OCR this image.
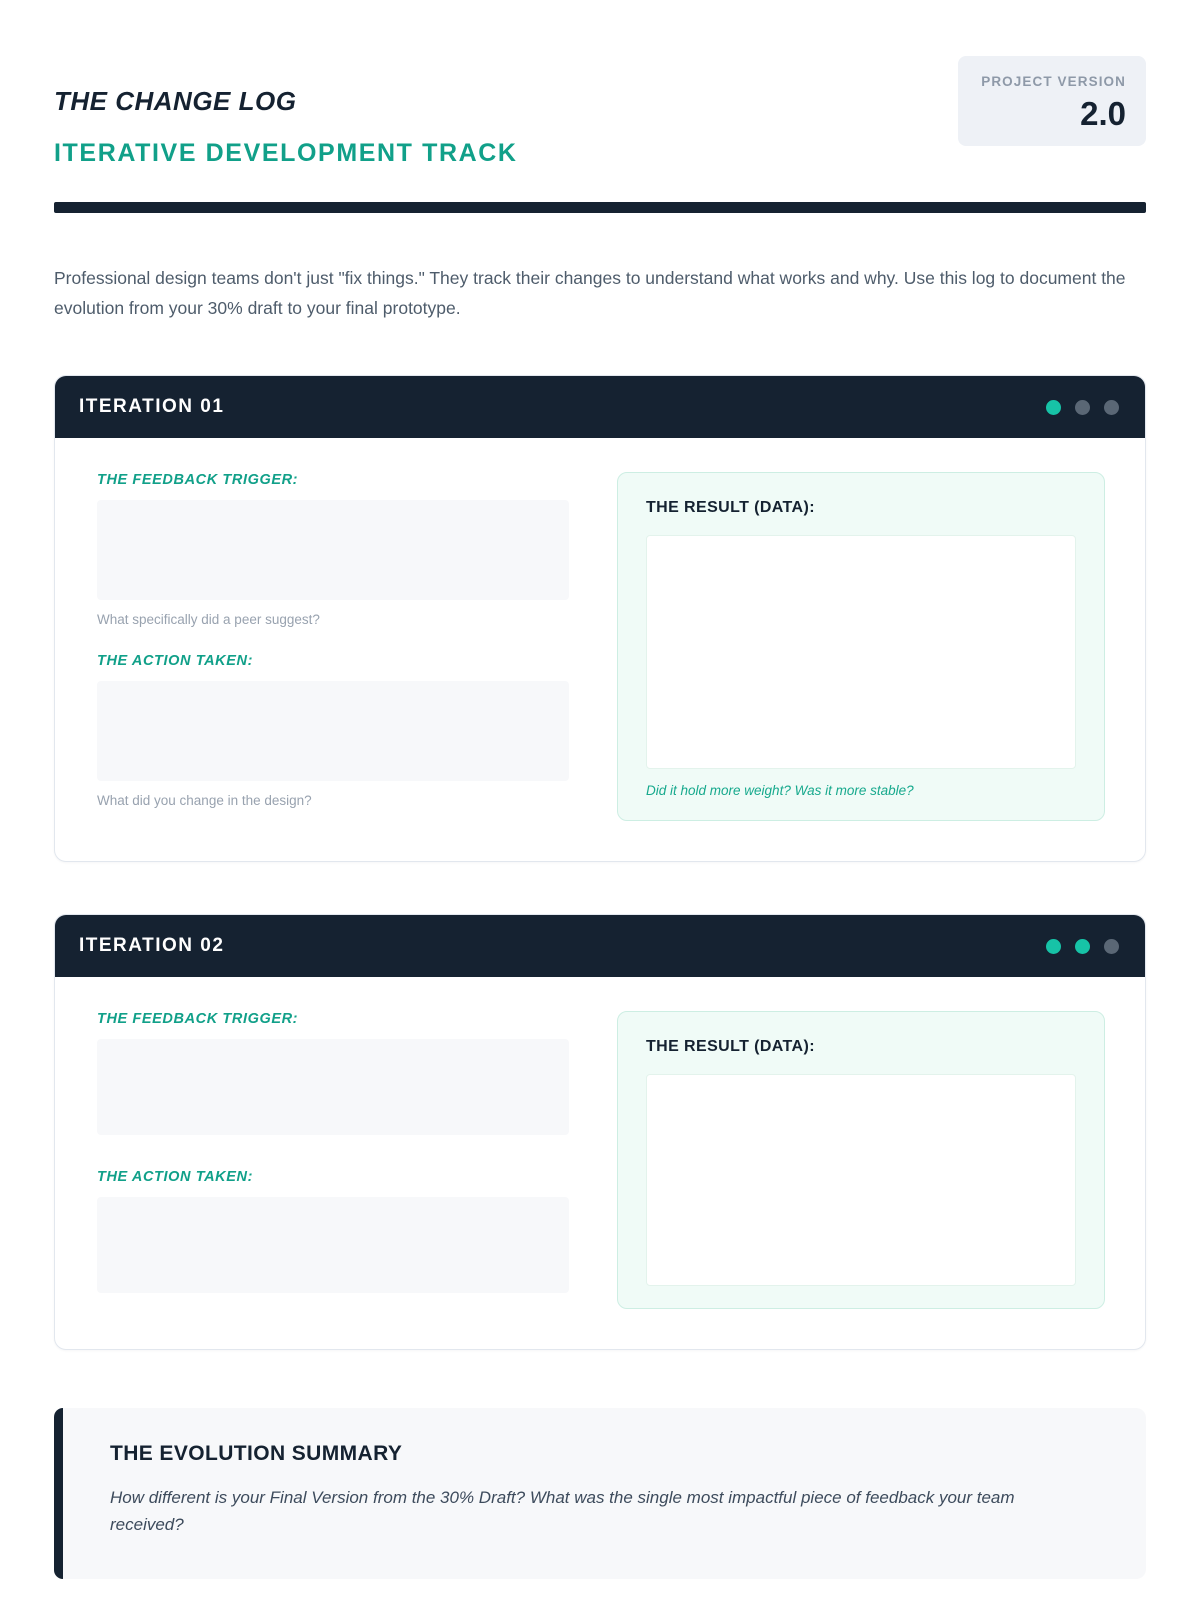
THE CHANGE LOG
ITERATIVE DEVELOPMENT TRACK
PROJECT VERSION
2.0

Professional design teams don't just "fix things." They track their changes to understand what works and why. Use this log to document the evolution from your 30% draft to your final prototype.

ITERATION 01
THE FEEDBACK TRIGGER:

What specifically did a peer suggest?

THE ACTION TAKEN:

What did you change in the design?

THE RESULT (DATA):

Did it hold more weight? Was it more stable?

ITERATION 02
THE FEEDBACK TRIGGER:
THE ACTION TAKEN:
THE RESULT (DATA):
THE EVOLUTION SUMMARY

How different is your Final Version from the 30% Draft? What was the single most impactful piece of feedback your team received?
